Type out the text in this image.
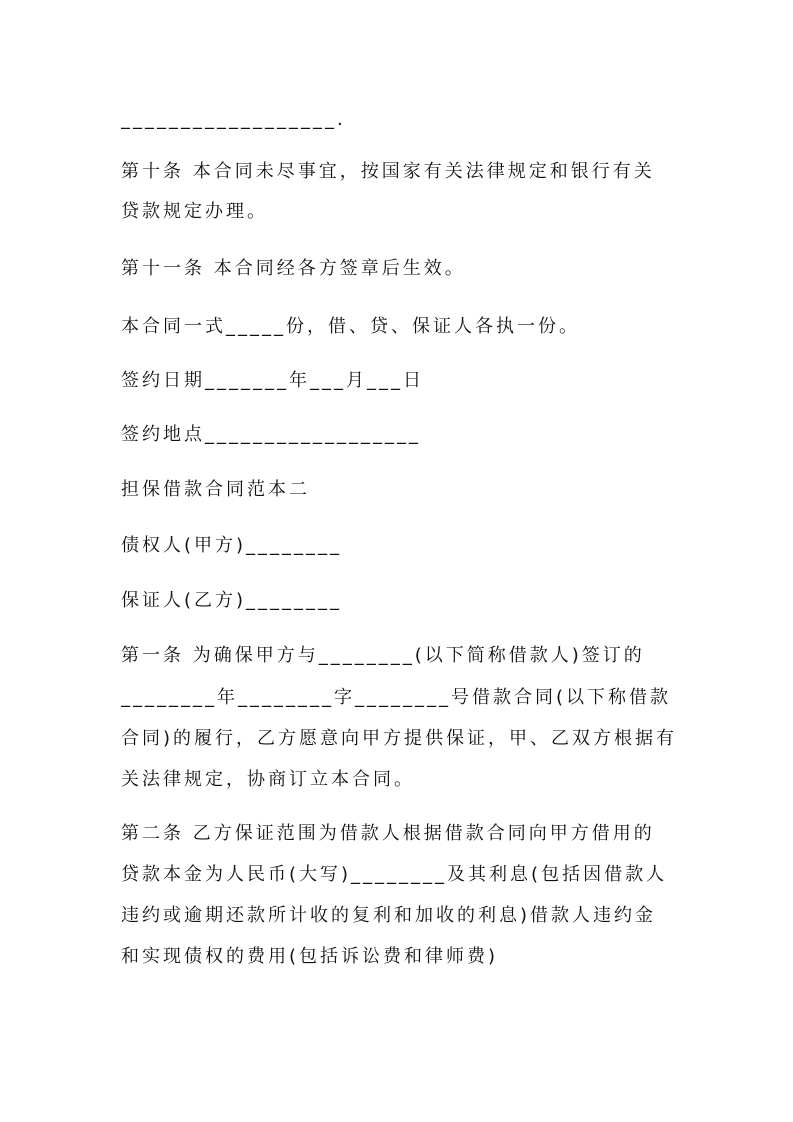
__________________.
第十条 本合同未尽事宜，按国家有关法律规定和银行有关
贷款规定办理。
第十一条 本合同经各方签章后生效。
本合同一式_____份，借、贷、保证人各执一份。
签约日期_______年___月___日
签约地点__________________
担保借款合同范本二
债权人(甲方)________
保证人(乙方)________
第一条 为确保甲方与________(以下简称借款人)签订的
________年________字________号借款合同(以下称借款
合同)的履行，乙方愿意向甲方提供保证，甲、乙双方根据有
关法律规定，协商订立本合同。
第二条 乙方保证范围为借款人根据借款合同向甲方借用的
贷款本金为人民币(大写)________及其利息(包括因借款人
违约或逾期还款所计收的复利和加收的利息)借款人违约金
和实现债权的费用(包括诉讼费和律师费)
